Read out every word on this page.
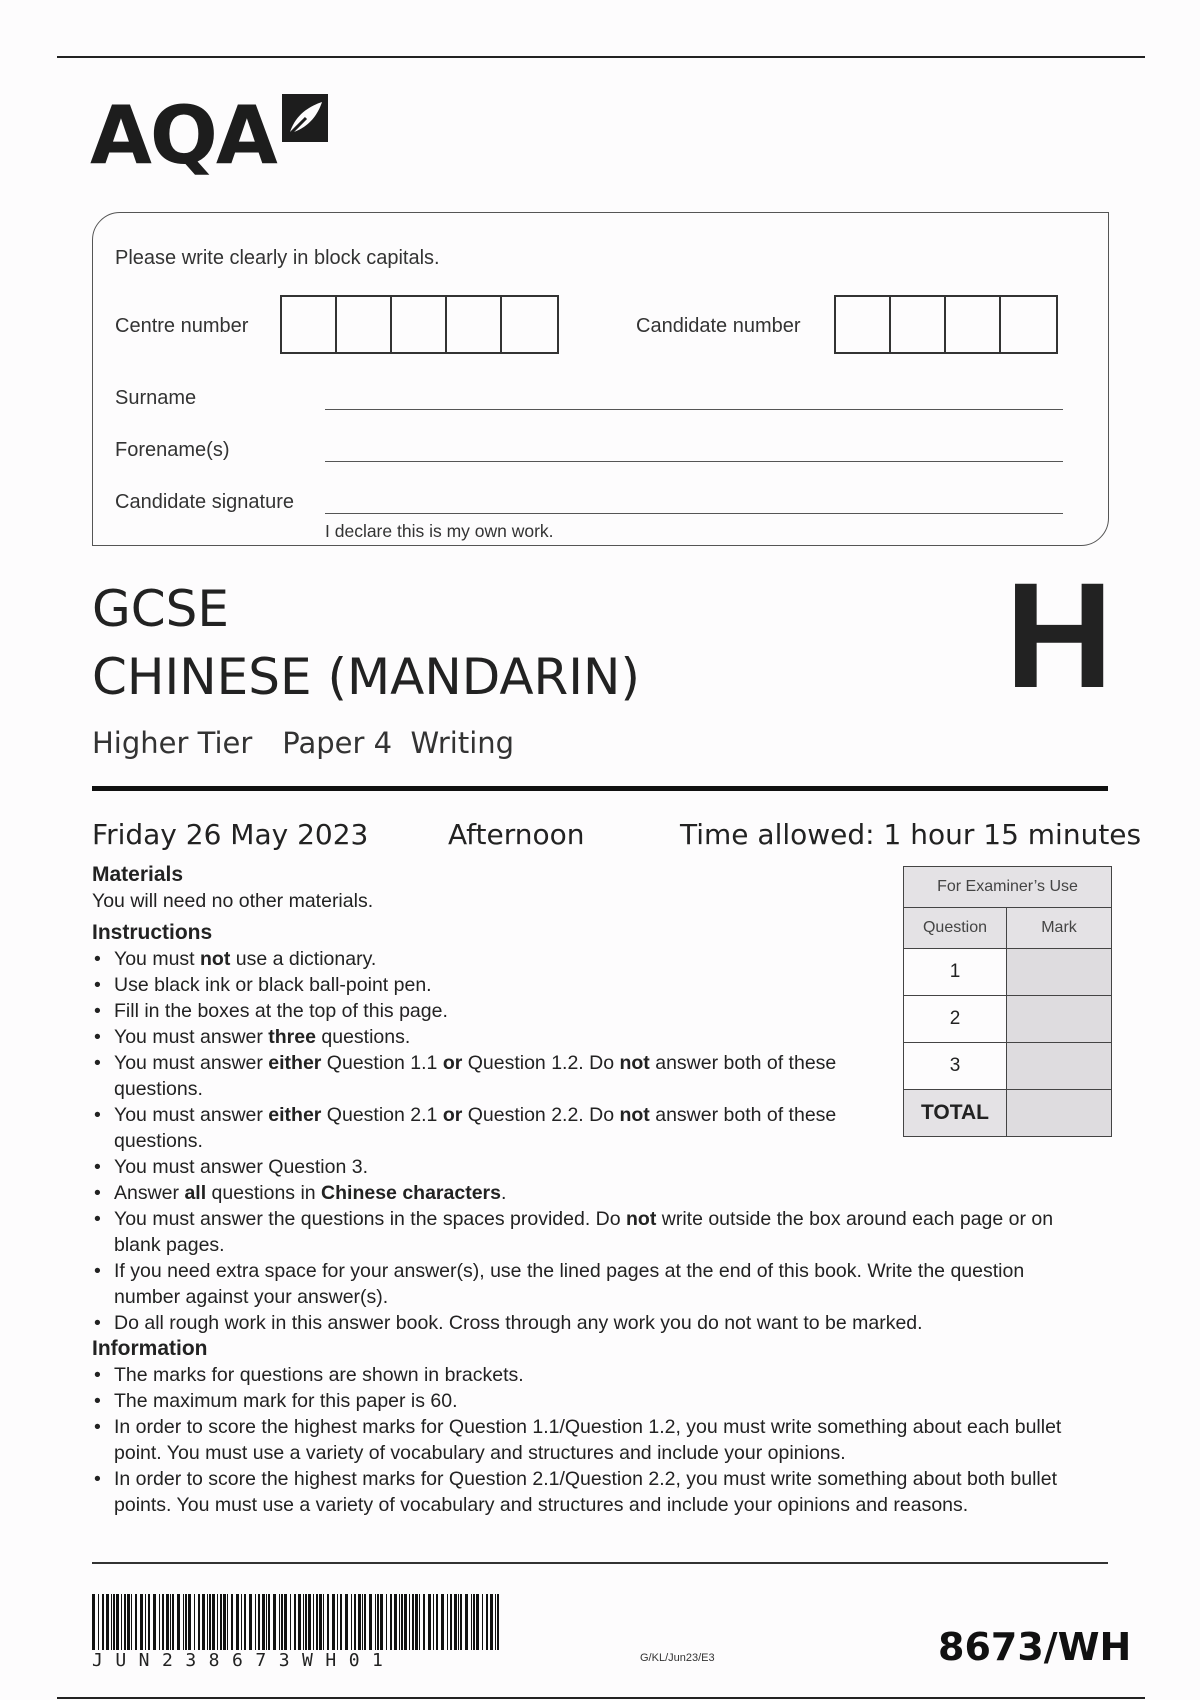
AQA
Please write clearly in block capitals.
Centre number	Candidate number
Surname
Forename(s)
Candidate signature
I declare this is my own work.
GCSE
CHINESE (MANDARIN)
Higher Tier Paper 4  Writing
H
Friday 26 May 2023	Afternoon	Time allowed: 1 hour 15 minutes
Materials
You will need no other materials.
Instructions
• You must not use a dictionary.
• Use black ink or black ball-point pen.
• Fill in the boxes at the top of this page.
• You must answer three questions.
• You must answer either Question 1.1 or Question 1.2. Do not answer both of these questions.
• You must answer either Question 2.1 or Question 2.2. Do not answer both of these questions.
• You must answer Question 3.
• Answer all questions in Chinese characters.
• You must answer the questions in the spaces provided. Do not write outside the box around each page or on blank pages.
• If you need extra space for your answer(s), use the lined pages at the end of this book. Write the question number against your answer(s).
• Do all rough work in this answer book. Cross through any work you do not want to be marked.
Information
• The marks for questions are shown in brackets.
• The maximum mark for this paper is 60.
• In order to score the highest marks for Question 1.1/Question 1.2, you must write something about each bullet point. You must use a variety of vocabulary and structures and include your opinions.
• In order to score the highest marks for Question 2.1/Question 2.2, you must write something about both bullet points. You must use a variety of vocabulary and structures and include your opinions and reasons.
For Examiner’s Use	
Question	Mark
1	
2	
3	
TOTAL	
JUN238673WH01	G/KL/Jun23/E3	8673/WH
